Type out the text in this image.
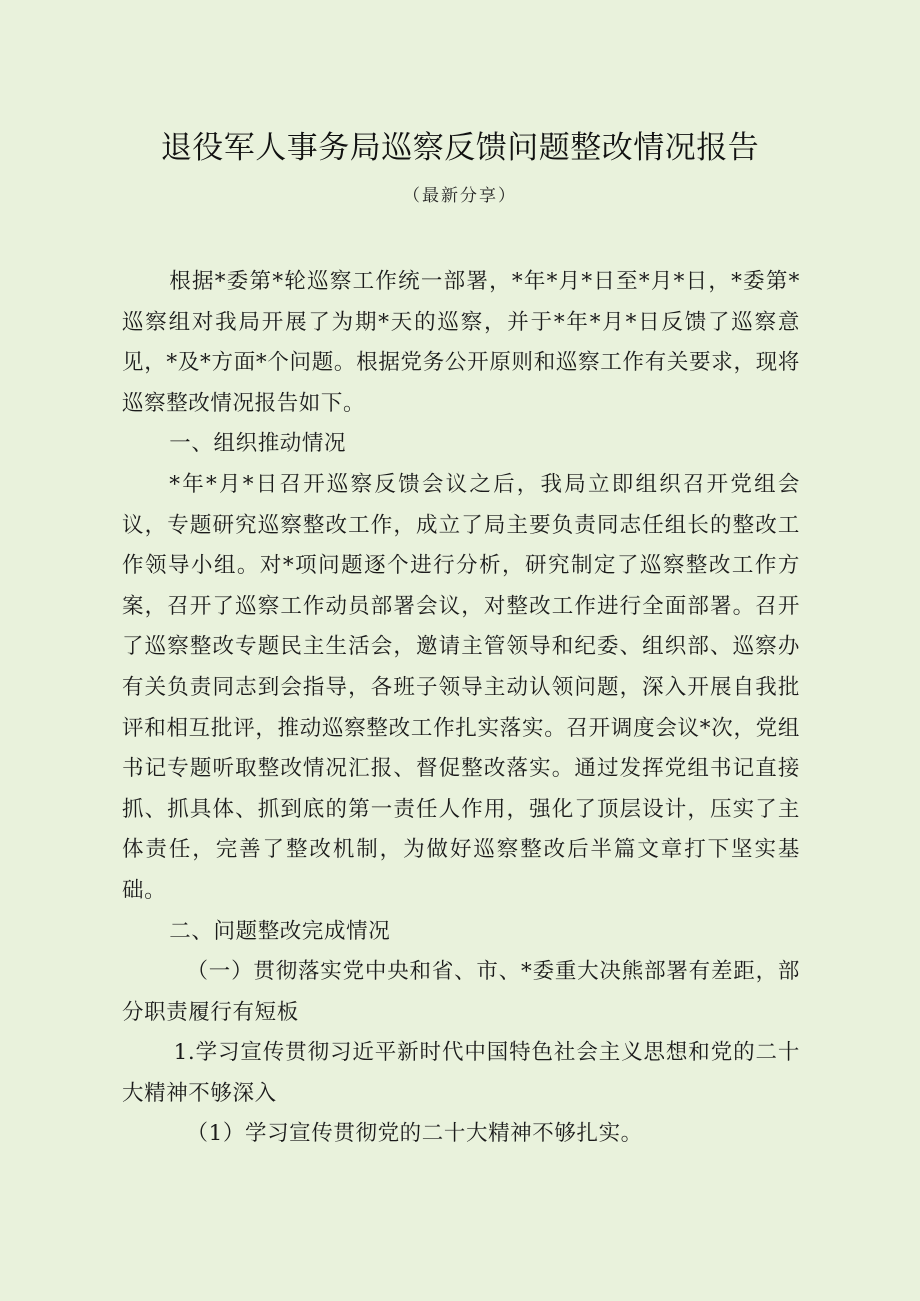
退役军人事务局巡察反馈问题整改情况报告
（最新分享）

根据*委第*轮巡察工作统一部署，*年*月*日至*月*日，*委第*巡察组对我局开展了为期*天的巡察，并于*年*月*日反馈了巡察意见，*及*方面*个问题。根据党务公开原则和巡察工作有关要求，现将巡察整改情况报告如下。

一、组织推动情况

*年*月*日召开巡察反馈会议之后，我局立即组织召开党组会议，专题研究巡察整改工作，成立了局主要负责同志任组长的整改工作领导小组。对*项问题逐个进行分析，研究制定了巡察整改工作方案，召开了巡察工作动员部署会议，对整改工作进行全面部署。召开了巡察整改专题民主生活会，邀请主管领导和纪委、组织部、巡察办有关负责同志到会指导，各班子领导主动认领问题，深入开展自我批评和相互批评，推动巡察整改工作扎实落实。召开调度会议*次，党组书记专题听取整改情况汇报、督促整改落实。通过发挥党组书记直接抓、抓具体、抓到底的第一责任人作用，强化了顶层设计，压实了主体责任，完善了整改机制，为做好巡察整改后半篇文章打下坚实基础。

二、问题整改完成情况

（一）贯彻落实党中央和省、市、*委重大决熊部署有差距，部分职责履行有短板

1.学习宣传贯彻习近平新时代中国特色社会主义思想和党的二十大精神不够深入

（1）学习宣传贯彻党的二十大精神不够扎实。
